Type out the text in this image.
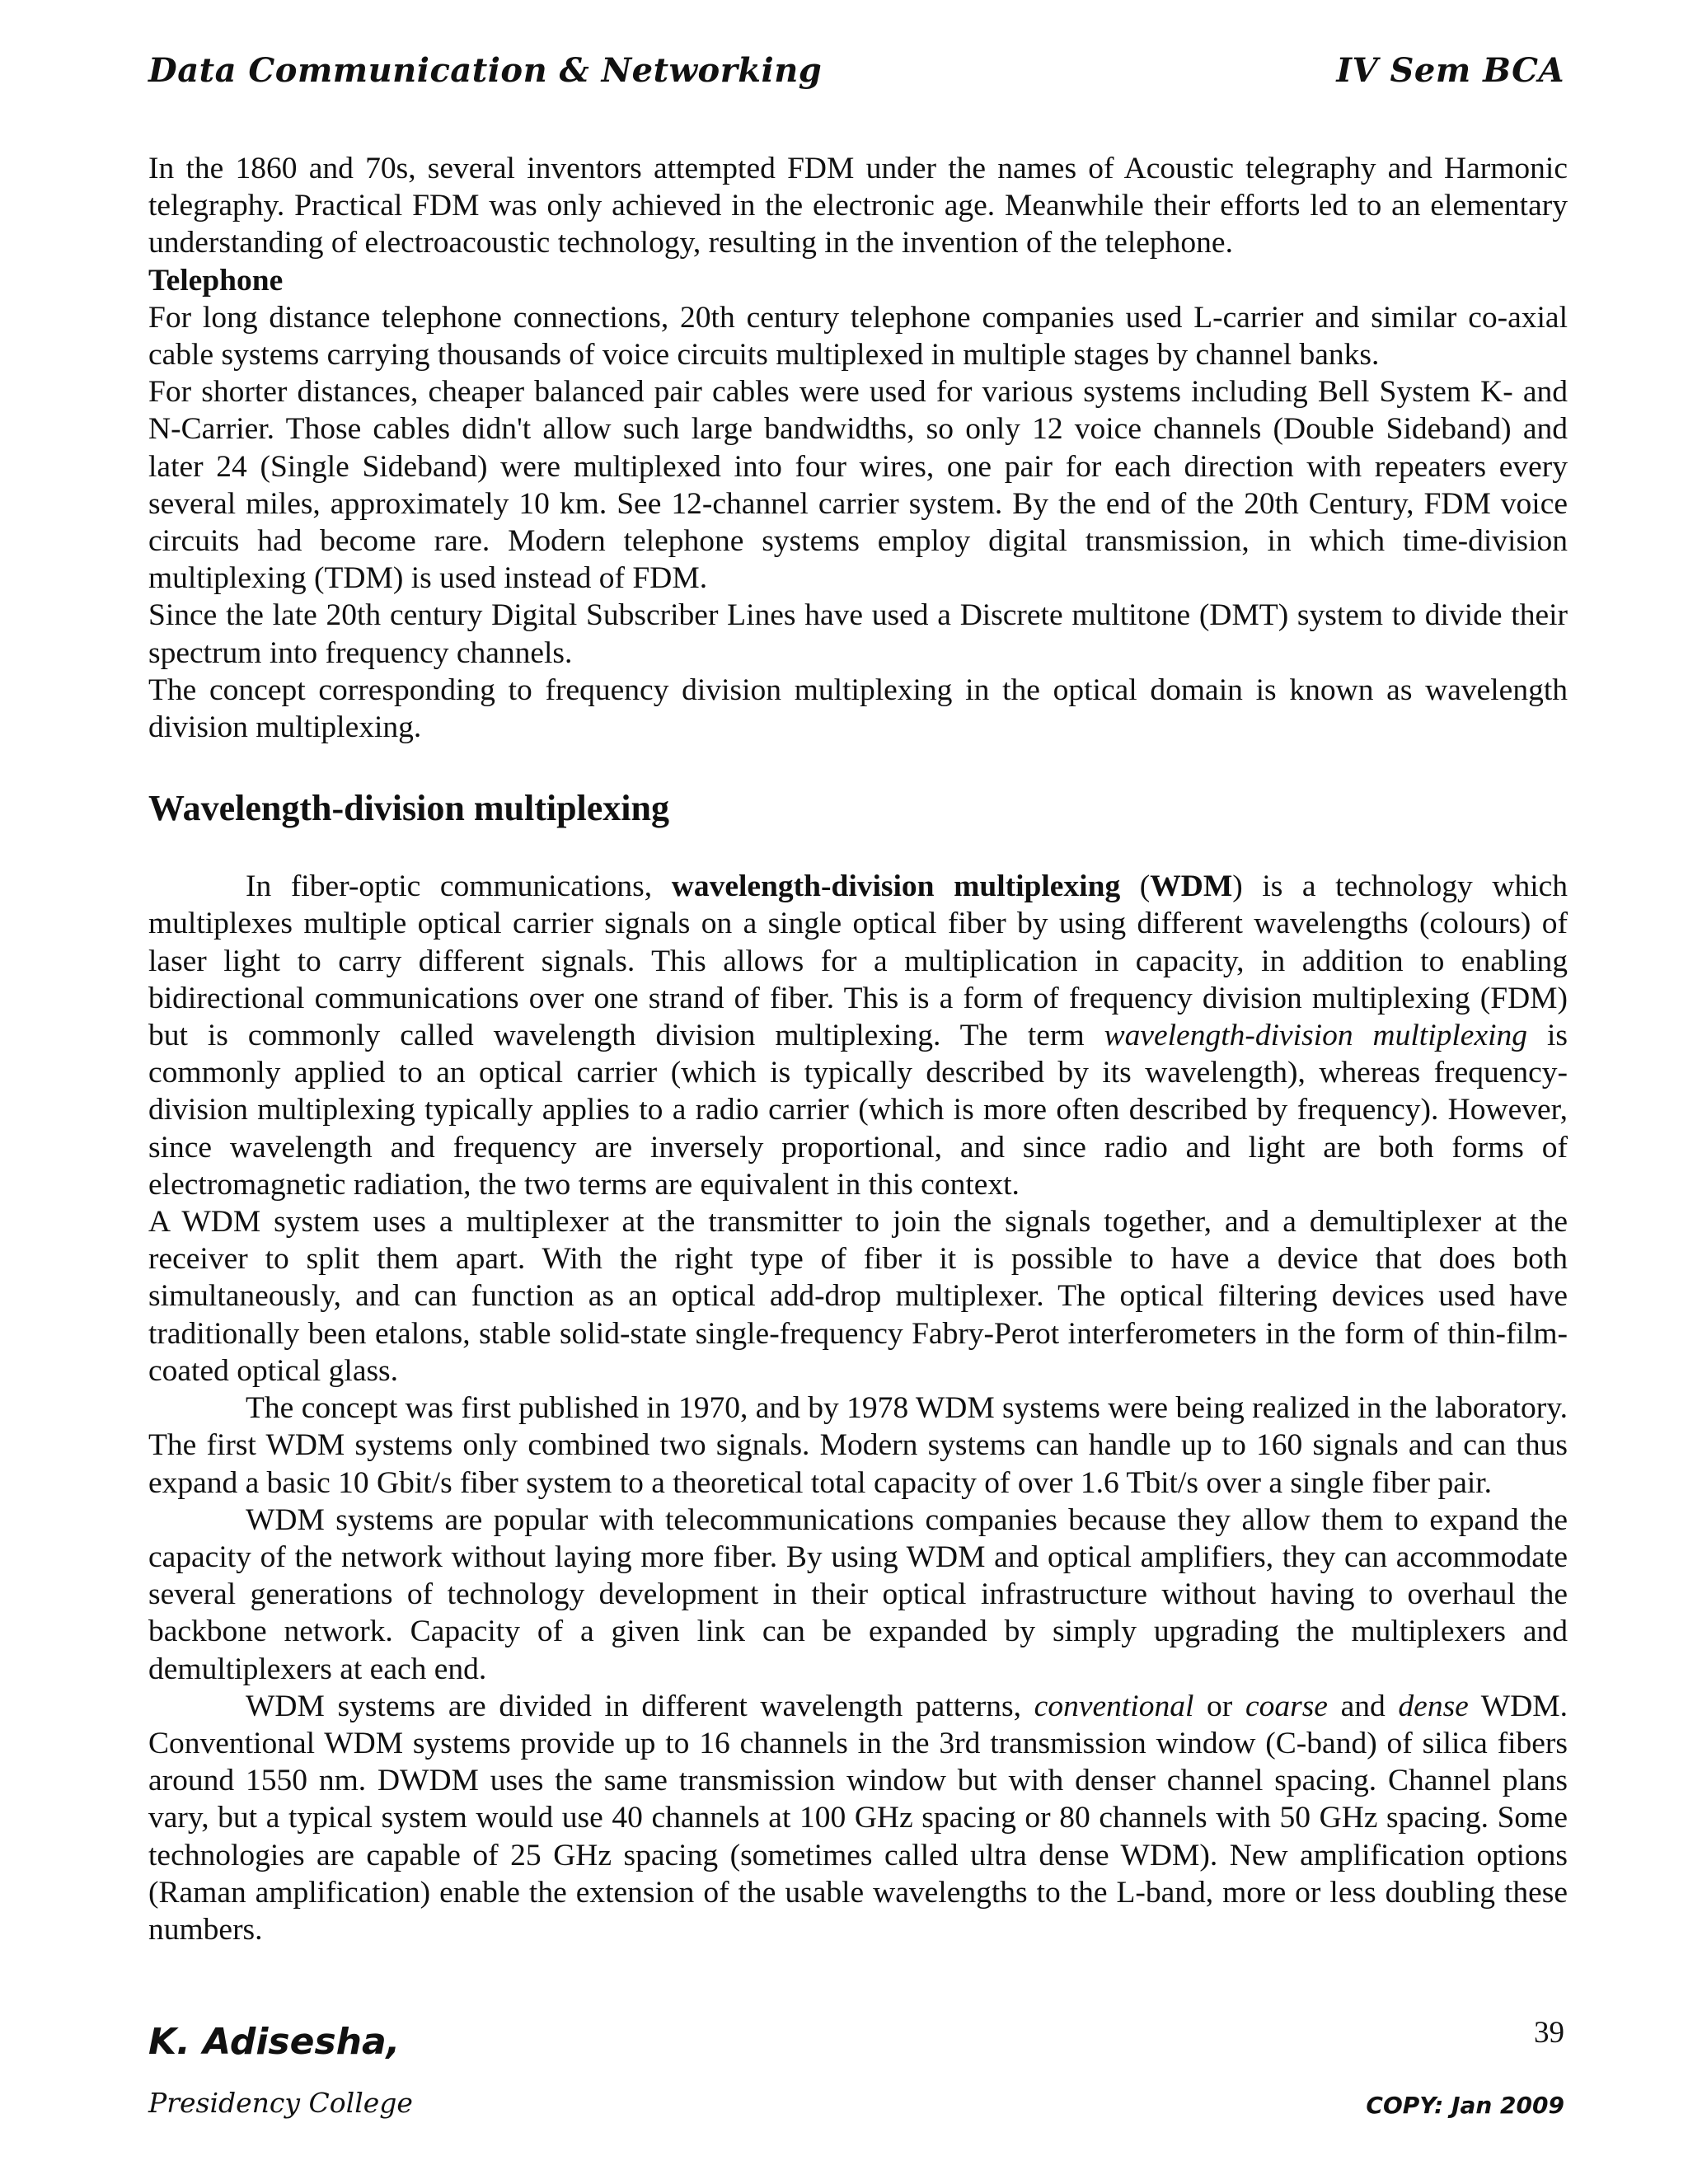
Data Communication & Networking	IV Sem BCA

In the 1860 and 70s, several inventors attempted FDM under the names of Acoustic telegraphy and Harmonic telegraphy. Practical FDM was only achieved in the electronic age. Meanwhile their efforts led to an elementary understanding of electroacoustic technology, resulting in the invention of the telephone.

Telephone

For long distance telephone connections, 20th century telephone companies used L-carrier and similar co-axial cable systems carrying thousands of voice circuits multiplexed in multiple stages by channel banks.

For shorter distances, cheaper balanced pair cables were used for various systems including Bell System K- and N-Carrier. Those cables didn't allow such large bandwidths, so only 12 voice channels (Double Sideband) and later 24 (Single Sideband) were multiplexed into four wires, one pair for each direction with repeaters every several miles, approximately 10 km. See 12-channel carrier system. By the end of the 20th Century, FDM voice circuits had become rare. Modern telephone systems employ digital transmission, in which time-division multiplexing (TDM) is used instead of FDM.

Since the late 20th century Digital Subscriber Lines have used a Discrete multitone (DMT) system to divide their spectrum into frequency channels.

The concept corresponding to frequency division multiplexing in the optical domain is known as wavelength division multiplexing.

Wavelength-division multiplexing

In fiber-optic communications, wavelength-division multiplexing (WDM) is a technology which multiplexes multiple optical carrier signals on a single optical fiber by using different wavelengths (colours) of laser light to carry different signals. This allows for a multiplication in capacity, in addition to enabling bidirectional communications over one strand of fiber. This is a form of frequency division multiplexing (FDM) but is commonly called wavelength division multiplexing. The term wavelength-division multiplexing is commonly applied to an optical carrier (which is typically described by its wavelength), whereas frequency-division multiplexing typically applies to a radio carrier (which is more often described by frequency). However, since wavelength and frequency are inversely proportional, and since radio and light are both forms of electromagnetic radiation, the two terms are equivalent in this context.

A WDM system uses a multiplexer at the transmitter to join the signals together, and a demultiplexer at the receiver to split them apart. With the right type of fiber it is possible to have a device that does both simultaneously, and can function as an optical add-drop multiplexer. The optical filtering devices used have traditionally been etalons, stable solid-state single-frequency Fabry-Perot interferometers in the form of thin-film-coated optical glass.

The concept was first published in 1970, and by 1978 WDM systems were being realized in the laboratory. The first WDM systems only combined two signals. Modern systems can handle up to 160 signals and can thus expand a basic 10 Gbit/s fiber system to a theoretical total capacity of over 1.6 Tbit/s over a single fiber pair.

WDM systems are popular with telecommunications companies because they allow them to expand the capacity of the network without laying more fiber. By using WDM and optical amplifiers, they can accommodate several generations of technology development in their optical infrastructure without having to overhaul the backbone network. Capacity of a given link can be expanded by simply upgrading the multiplexers and demultiplexers at each end.

WDM systems are divided in different wavelength patterns, conventional or coarse and dense WDM. Conventional WDM systems provide up to 16 channels in the 3rd transmission window (C-band) of silica fibers around 1550 nm. DWDM uses the same transmission window but with denser channel spacing. Channel plans vary, but a typical system would use 40 channels at 100 GHz spacing or 80 channels with 50 GHz spacing. Some technologies are capable of 25 GHz spacing (sometimes called ultra dense WDM). New amplification options (Raman amplification) enable the extension of the usable wavelengths to the L-band, more or less doubling these numbers.

K. Adisesha,
Presidency College
39
COPY: Jan 2009
